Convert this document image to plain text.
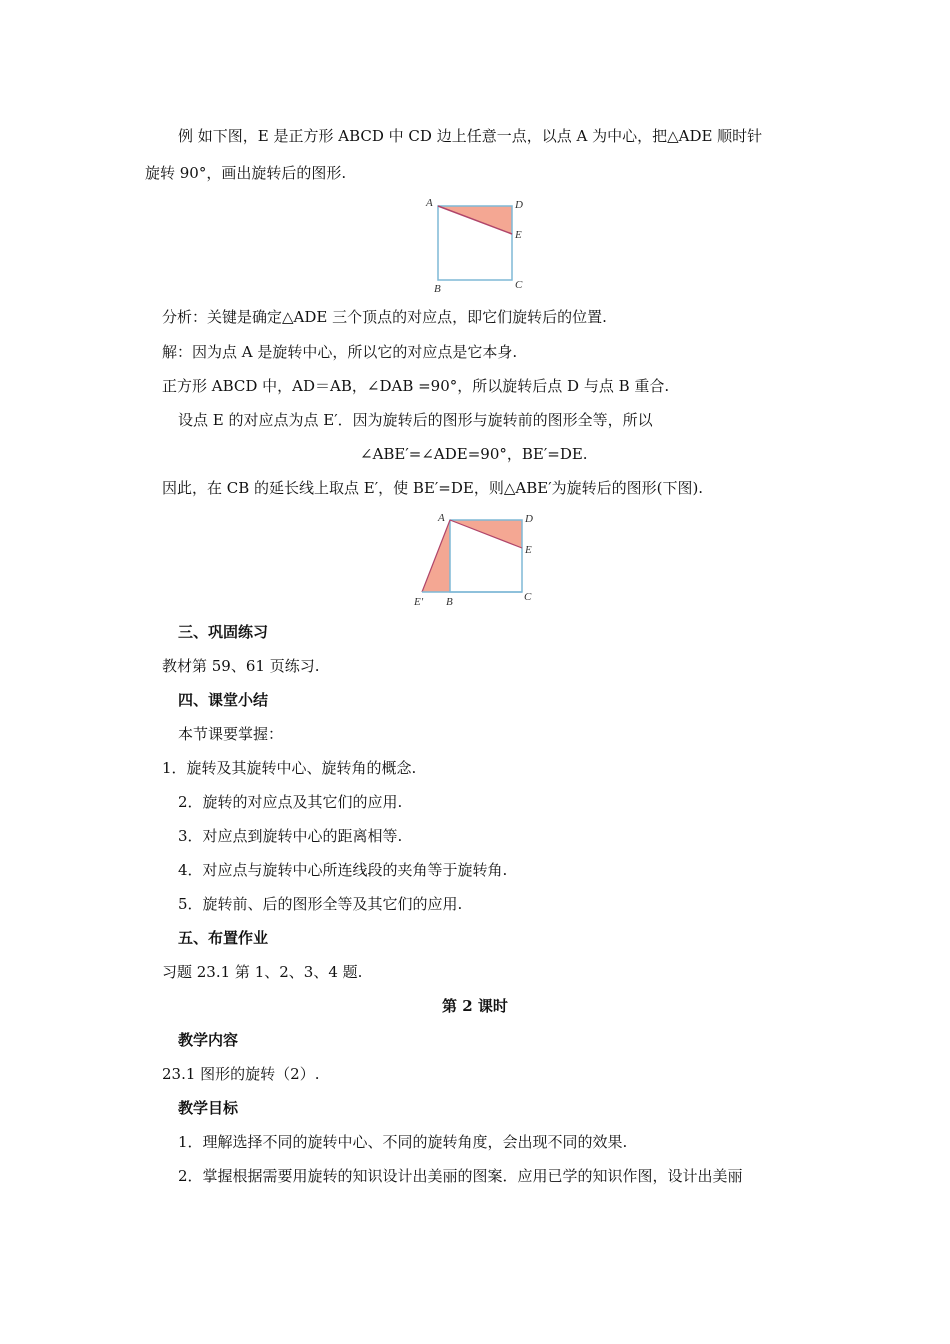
例 如下图，E 是正方形 ABCD 中 CD 边上任意一点，以点 A 为中心，把△ADE 顺时针
旋转 90°，画出旋转后的图形.
A	D
E
B	C
分析：关键是确定△ADE 三个顶点的对应点，即它们旋转后的位置.
解：因为点 A 是旋转中心，所以它的对应点是它本身.
正方形 ABCD 中，AD＝AB，∠DAB =90°，所以旋转后点 D 与点 B 重合.
设点 E 的对应点为点 E′．因为旋转后的图形与旋转前的图形全等，所以
∠ABE′=∠ADE=90°，BE′=DE.
因此，在 CB 的延长线上取点 E′，使 BE′=DE，则△ABE′为旋转后的图形(下图).
A	D
E
B	C
E′
三、巩固练习
教材第 59、61 页练习.
四、课堂小结
本节课要掌握：
1．旋转及其旋转中心、旋转角的概念.
2．旋转的对应点及其它们的应用.
3．对应点到旋转中心的距离相等.
4．对应点与旋转中心所连线段的夹角等于旋转角.
5．旋转前、后的图形全等及其它们的应用.
五、布置作业
习题 23.1 第 1、2、3、4 题.
第 2 课时
教学内容
23.1 图形的旋转（2）.
教学目标
1．理解选择不同的旋转中心、不同的旋转角度，会出现不同的效果.
2．掌握根据需要用旋转的知识设计出美丽的图案．应用已学的知识作图，设计出美丽
